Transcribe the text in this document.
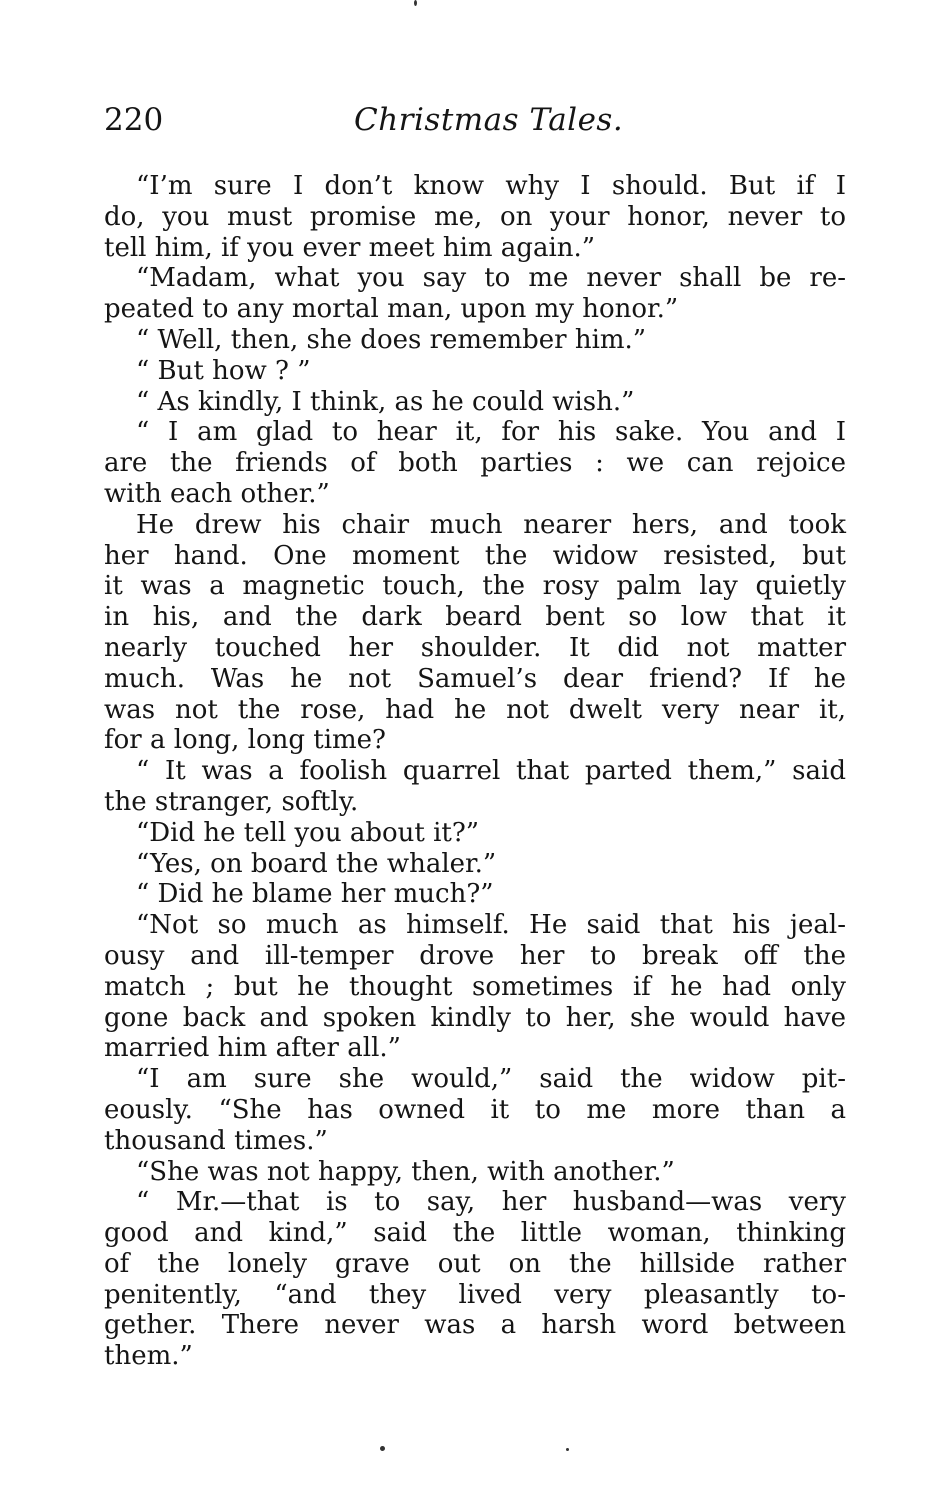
220	Christmas Tales.
“I’m sure I don’t know why I should. But if I
do, you must promise me, on your honor, never to
tell him, if you ever meet him again.”
“Madam, what you say to me never shall be re-
peated to any mortal man, upon my honor.”
“ Well, then, she does remember him.”
“ But how ? ”
“ As kindly, I think, as he could wish.”
“ I am glad to hear it, for his sake. You and I
are the friends of both parties : we can rejoice
with each other.”
He drew his chair much nearer hers, and took
her hand. One moment the widow resisted, but
it was a magnetic touch, the rosy palm lay quietly
in his, and the dark beard bent so low that it
nearly touched her shoulder. It did not matter
much. Was he not Samuel’s dear friend? If he
was not the rose, had he not dwelt very near it,
for a long, long time?
“ It was a foolish quarrel that parted them,” said
the stranger, softly.
“Did he tell you about it?”
“Yes, on board the whaler.”
“ Did he blame her much?”
“Not so much as himself. He said that his jeal-
ousy and ill-temper drove her to break off the
match ; but he thought sometimes if he had only
gone back and spoken kindly to her, she would have
married him after all.”
“I am sure she would,” said the widow pit-
eously. “She has owned it to me more than a
thousand times.”
“She was not happy, then, with another.”
“ Mr.—that is to say, her husband—was very
good and kind,” said the little woman, thinking
of the lonely grave out on the hillside rather
penitently, “and they lived very pleasantly to-
gether. There never was a harsh word between
them.”
